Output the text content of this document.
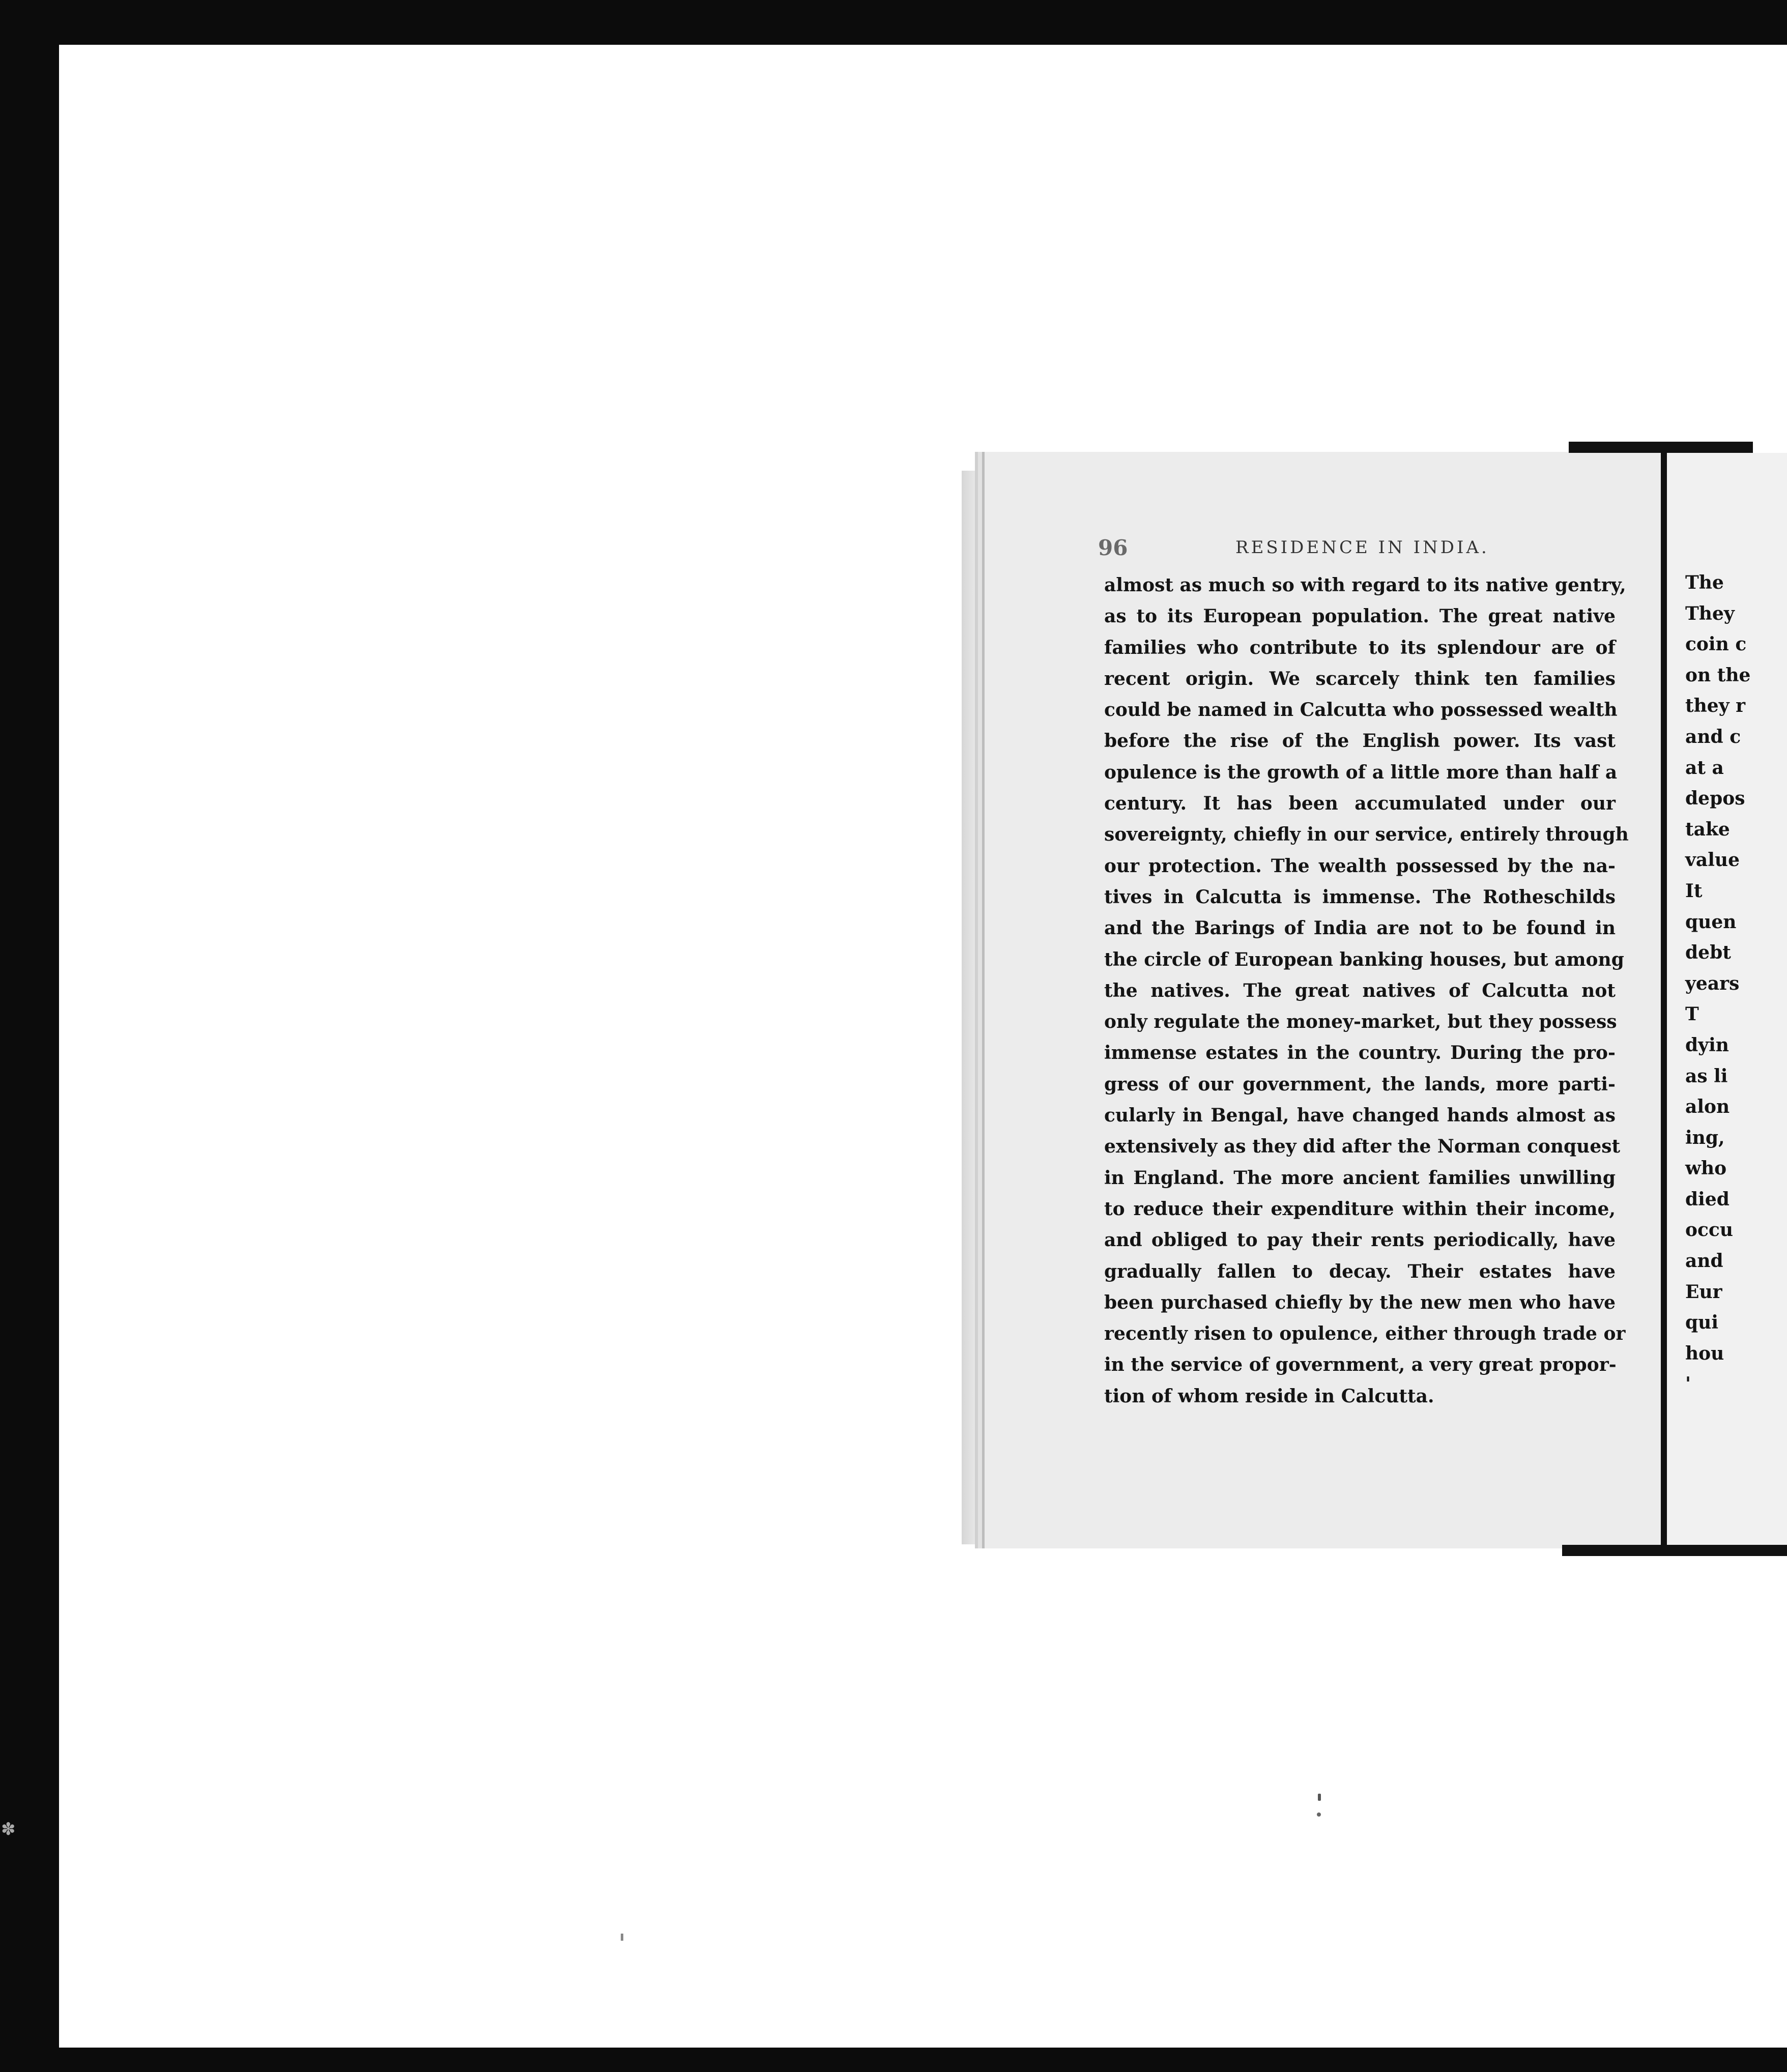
✽
96	RESIDENCE IN INDIA.
almost as much so with regard to its native gentry,
as to its European population. The great native
families who contribute to its splendour are of
recent origin. We scarcely think ten families
could be named in Calcutta who possessed wealth
before the rise of the English power. Its vast
opulence is the growth of a little more than half a
century. It has been accumulated under our
sovereignty, chiefly in our service, entirely through
our protection. The wealth possessed by the na-
tives in Calcutta is immense. The Rotheschilds
and the Barings of India are not to be found in
the circle of European banking houses, but among
the natives. The great natives of Calcutta not
only regulate the money-market, but they possess
immense estates in the country. During the pro-
gress of our government, the lands, more parti-
cularly in Bengal, have changed hands almost as
extensively as they did after the Norman conquest
in England. The more ancient families unwilling
to reduce their expenditure within their income,
and obliged to pay their rents periodically, have
gradually fallen to decay. Their estates have
been purchased chiefly by the new men who have
recently risen to opulence, either through trade or
in the service of government, a very great propor-
tion of whom reside in Calcutta.
The
They
coin c
on the
they r
and c
at a
depos
take
value
It
quen
debt
years
T
dyin
as li
alon
ing,
who
died
occu
and
Eur
qui
hou
'
